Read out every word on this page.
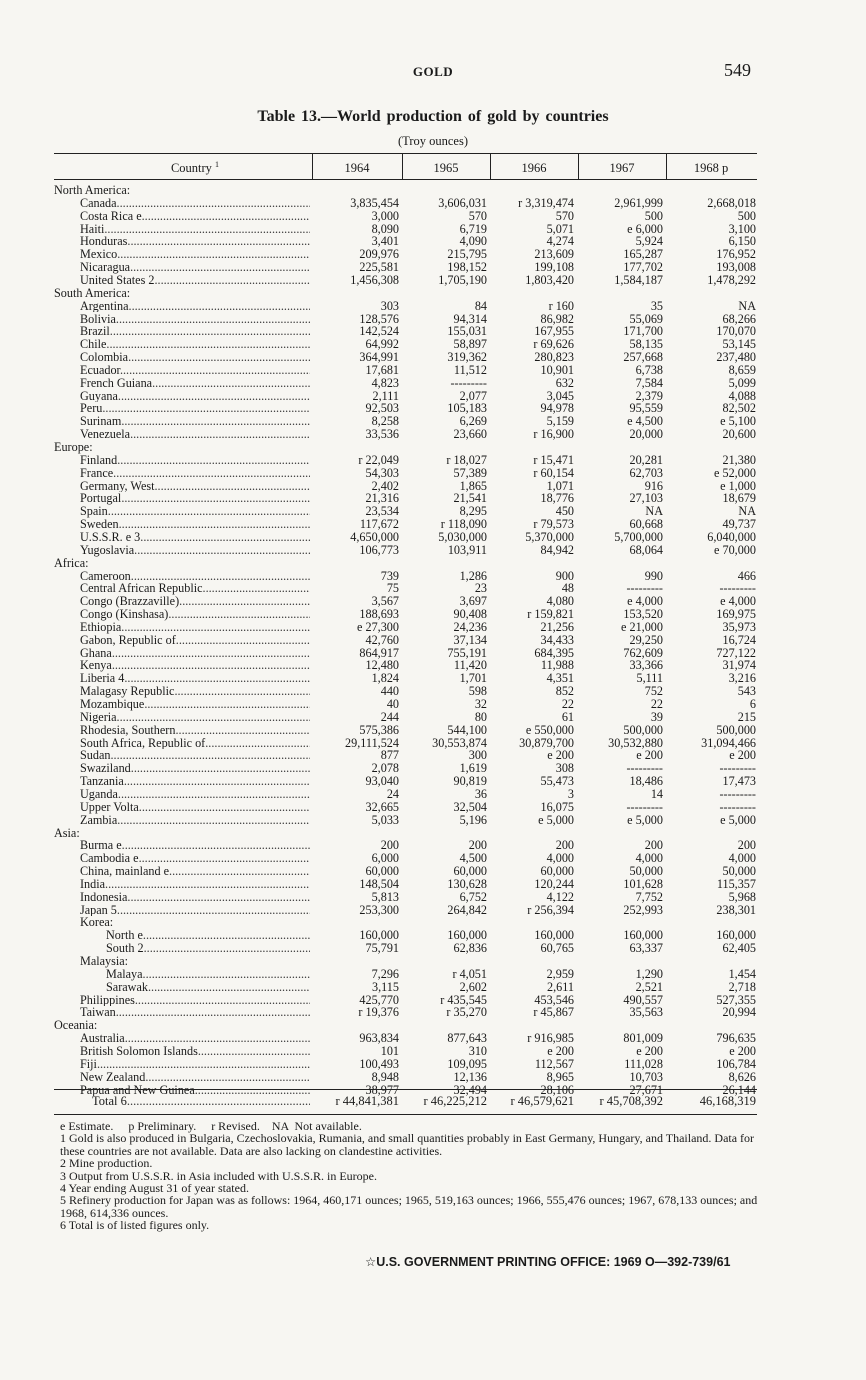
GOLD	549
Table 13.—World production of gold by countries
(Troy ounces)
Country $^1$	1964	1965	1966	1967	1968 p
North America:
Canada .....	3,835,454	3,606,031	r 3,319,474	2,961,999	2,668,018
Costa Rica e .....	3,000	570	570	500	500
Haiti .....	8,090	6,719	5,071	e 6,000	3,100
Honduras .....	3,401	4,090	4,274	5,924	6,150
Mexico .....	209,976	215,795	213,609	165,287	176,952
Nicaragua .....	225,581	198,152	199,108	177,702	193,008
United States 2 .....	1,456,308	1,705,190	1,803,420	1,584,187	1,478,292
South America:
Argentina .....	303	84	r 160	35	NA
Bolivia .....	128,576	94,314	86,982	55,069	68,266
Brazil .....	142,524	155,031	167,955	171,700	170,070
Chile .....	64,992	58,897	r 69,626	58,135	53,145
Colombia .....	364,991	319,362	280,823	257,668	237,480
Ecuador .....	17,681	11,512	10,901	6,738	8,659
French Guiana .....	4,823	---------	632	7,584	5,099
Guyana .....	2,111	2,077	3,045	2,379	4,088
Peru .....	92,503	105,183	94,978	95,559	82,502
Surinam .....	8,258	6,269	5,159	e 4,500	e 5,100
Venezuela .....	33,536	23,660	r 16,900	20,000	20,600
Europe:
Finland .....	r 22,049	r 18,027	r 15,471	20,281	21,380
France .....	54,303	57,389	r 60,154	62,703	e 52,000
Germany, West .....	2,402	1,865	1,071	916	e 1,000
Portugal .....	21,316	21,541	18,776	27,103	18,679
Spain .....	23,534	8,295	450	NA	NA
Sweden .....	117,672	r 118,090	r 79,573	60,668	49,737
U.S.S.R. e 3 .....	4,650,000	5,030,000	5,370,000	5,700,000	6,040,000
Yugoslavia .....	106,773	103,911	84,942	68,064	e 70,000
Africa:
Cameroon .....	739	1,286	900	990	466
Central African Republic .....	75	23	48	---------	---------
Congo (Brazzaville) .....	3,567	3,697	4,080	e 4,000	e 4,000
Congo (Kinshasa) .....	188,693	90,408	r 159,821	153,520	169,975
Ethiopia .....	e 27,300	24,236	21,256	e 21,000	35,973
Gabon, Republic of .....	42,760	37,134	34,433	29,250	16,724
Ghana .....	864,917	755,191	684,395	762,609	727,122
Kenya .....	12,480	11,420	11,988	33,366	31,974
Liberia 4 .....	1,824	1,701	4,351	5,111	3,216
Malagasy Republic .....	440	598	852	752	543
Mozambique .....	40	32	22	22	6
Nigeria .....	244	80	61	39	215
Rhodesia, Southern .....	575,386	544,100	e 550,000	500,000	500,000
South Africa, Republic of .....	29,111,524	30,553,874	30,879,700	30,532,880	31,094,466
Sudan .....	877	300	e 200	e 200	e 200
Swaziland .....	2,078	1,619	308	---------	---------
Tanzania .....	93,040	90,819	55,473	18,486	17,473
Uganda .....	24	36	3	14	---------
Upper Volta .....	32,665	32,504	16,075	---------	---------
Zambia .....	5,033	5,196	e 5,000	e 5,000	e 5,000
Asia:
Burma e .....	200	200	200	200	200
Cambodia e .....	6,000	4,500	4,000	4,000	4,000
China, mainland e .....	60,000	60,000	60,000	50,000	50,000
India .....	148,504	130,628	120,244	101,628	115,357
Indonesia .....	5,813	6,752	4,122	7,752	5,968
Japan 5 .....	253,300	264,842	r 256,394	252,993	238,301
Korea:
North e .....	160,000	160,000	160,000	160,000	160,000
South 2 .....	75,791	62,836	60,765	63,337	62,405
Malaysia:
Malaya .....	7,296	r 4,051	2,959	1,290	1,454
Sarawak .....	3,115	2,602	2,611	2,521	2,718
Philippines .....	425,770	r 435,545	453,546	490,557	527,355
Taiwan .....	r 19,376	r 35,270	r 45,867	35,563	20,994
Oceania:
Australia .....	963,834	877,643	r 916,985	801,009	796,635
British Solomon Islands .....	101	310	e 200	e 200	e 200
Fiji .....	100,493	109,095	112,567	111,028	106,784
New Zealand .....	8,948	12,136	8,965	10,703	8,626
Papua and New Guinea .....	38,977	32,494	28,106	27,671	26,144
Total 6 .....	r 44,841,381	r 46,225,212	r 46,579,621	r 45,708,392	46,168,319
e Estimate.     p Preliminary.     r Revised.    NA  Not available.
1 Gold is also produced in Bulgaria, Czechoslovakia, Rumania, and small quantities probably in East Germany, Hungary, and Thailand. Data for these countries are not available. Data are also lacking on clandestine activities.
2 Mine production.
3 Output from U.S.S.R. in Asia included with U.S.S.R. in Europe.
4 Year ending August 31 of year stated.
5 Refinery production for Japan was as follows: 1964, 460,171 ounces; 1965, 519,163 ounces; 1966, 555,476 ounces; 1967, 678,133 ounces; and 1968, 614,336 ounces.
6 Total is of listed figures only.
☆U.S. GOVERNMENT PRINTING OFFICE: 1969 O—392-739/61
